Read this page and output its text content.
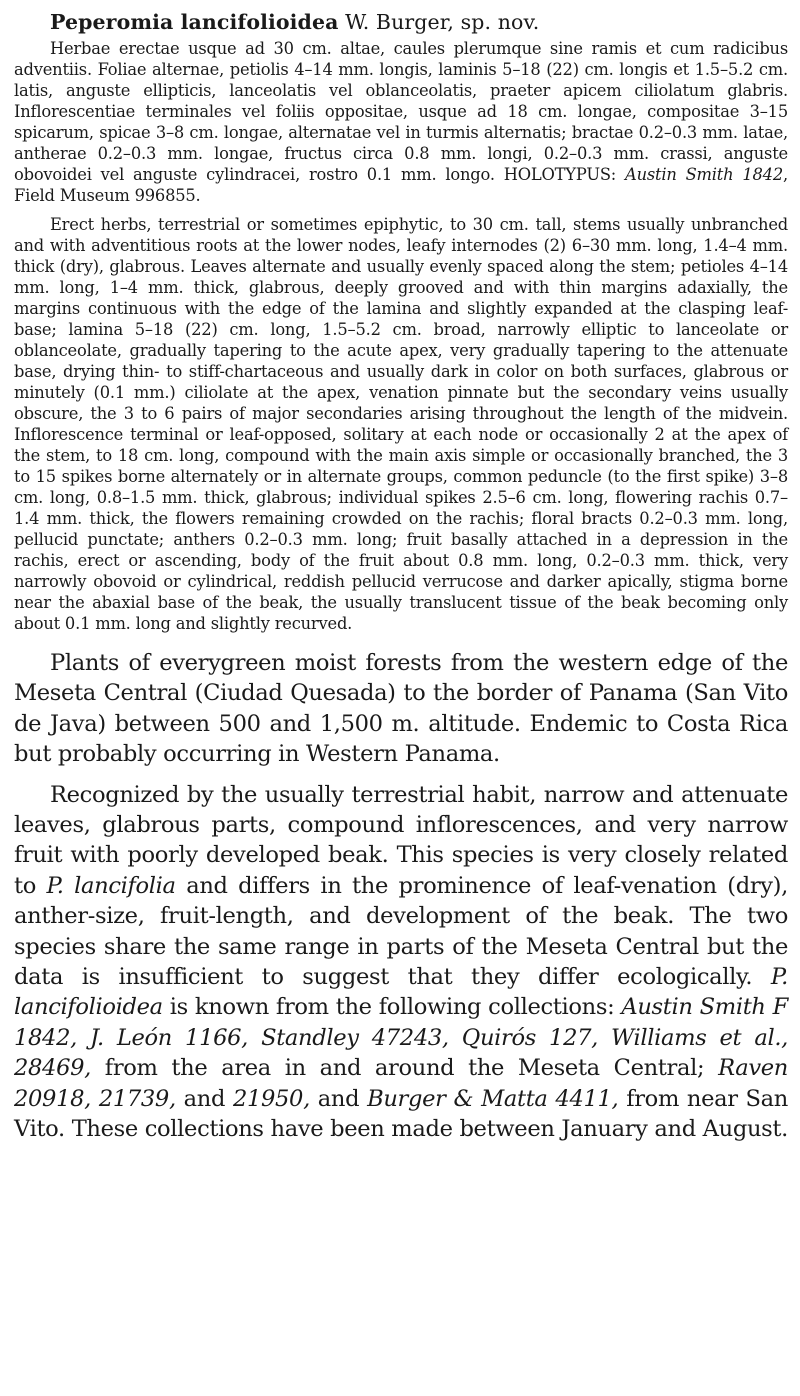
Peperomia lancifolioidea W. Burger, sp. nov.

Herbae erectae usque ad 30 cm. altae, caules plerumque sine ramis et cum radicibus adventiis. Foliae alternae, petiolis 4–14 mm. longis, laminis 5–18 (22) cm. longis et 1.5–5.2 cm. latis, anguste ellipticis, lanceolatis vel oblanceolatis, praeter apicem ciliolatum glabris. Inflorescentiae terminales vel foliis oppositae, usque ad 18 cm. longae, compositae 3–15 spicarum, spicae 3–8 cm. longae, alternatae vel in turmis alternatis; bractae 0.2–0.3 mm. latae, antherae 0.2–0.3 mm. longae, fructus circa 0.8 mm. longi, 0.2–0.3 mm. crassi, anguste obovoidei vel anguste cylindracei, rostro 0.1 mm. longo. HOLOTYPUS: Austin Smith 1842, Field Museum 996855.

Erect herbs, terrestrial or sometimes epiphytic, to 30 cm. tall, stems usually unbranched and with adventitious roots at the lower nodes, leafy internodes (2) 6–30 mm. long, 1.4–4 mm. thick (dry), glabrous. Leaves alternate and usually evenly spaced along the stem; petioles 4–14 mm. long, 1–4 mm. thick, glabrous, deeply grooved and with thin margins adaxially, the margins continuous with the edge of the lamina and slightly expanded at the clasping leaf-base; lamina 5–18 (22) cm. long, 1.5–5.2 cm. broad, narrowly elliptic to lanceolate or oblanceolate, gradually tapering to the acute apex, very gradually tapering to the attenuate base, drying thin- to stiff-chartaceous and usually dark in color on both surfaces, glabrous or minutely (0.1 mm.) ciliolate at the apex, venation pinnate but the secondary veins usually obscure, the 3 to 6 pairs of major secondaries arising throughout the length of the midvein. Inflorescence terminal or leaf-opposed, solitary at each node or occasionally 2 at the apex of the stem, to 18 cm. long, compound with the main axis simple or occasionally branched, the 3 to 15 spikes borne alternately or in alternate groups, common peduncle (to the first spike) 3–8 cm. long, 0.8–1.5 mm. thick, glabrous; individual spikes 2.5–6 cm. long, flowering rachis 0.7–1.4 mm. thick, the flowers remaining crowded on the rachis; floral bracts 0.2–0.3 mm. long, pellucid punctate; anthers 0.2–0.3 mm. long; fruit basally attached in a depression in the rachis, erect or ascending, body of the fruit about 0.8 mm. long, 0.2–0.3 mm. thick, very narrowly obovoid or cylindrical, reddish pellucid verrucose and darker apically, stigma borne near the abaxial base of the beak, the usually translucent tissue of the beak becoming only about 0.1 mm. long and slightly recurved.

Plants of everygreen moist forests from the western edge of the Meseta Central (Ciudad Quesada) to the border of Panama (San Vito de Java) between 500 and 1,500 m. altitude. Endemic to Costa Rica but probably occurring in Western Panama.

Recognized by the usually terrestrial habit, narrow and attenuate leaves, glabrous parts, compound inflorescences, and very narrow fruit with poorly developed beak. This species is very closely related to P. lancifolia and differs in the prominence of leaf-venation (dry), anther-size, fruit-length, and development of the beak. The two species share the same range in parts of the Meseta Central but the data is insufficient to suggest that they differ ecologically. P. lancifolioidea is known from the following collections: Austin Smith F 1842, J. León 1166, Standley 47243, Quirós 127, Williams et al., 28469, from the area in and around the Meseta Central; Raven 20918, 21739, and 21950, and Burger & Matta 4411, from near San Vito. These collections have been made between January and August.
